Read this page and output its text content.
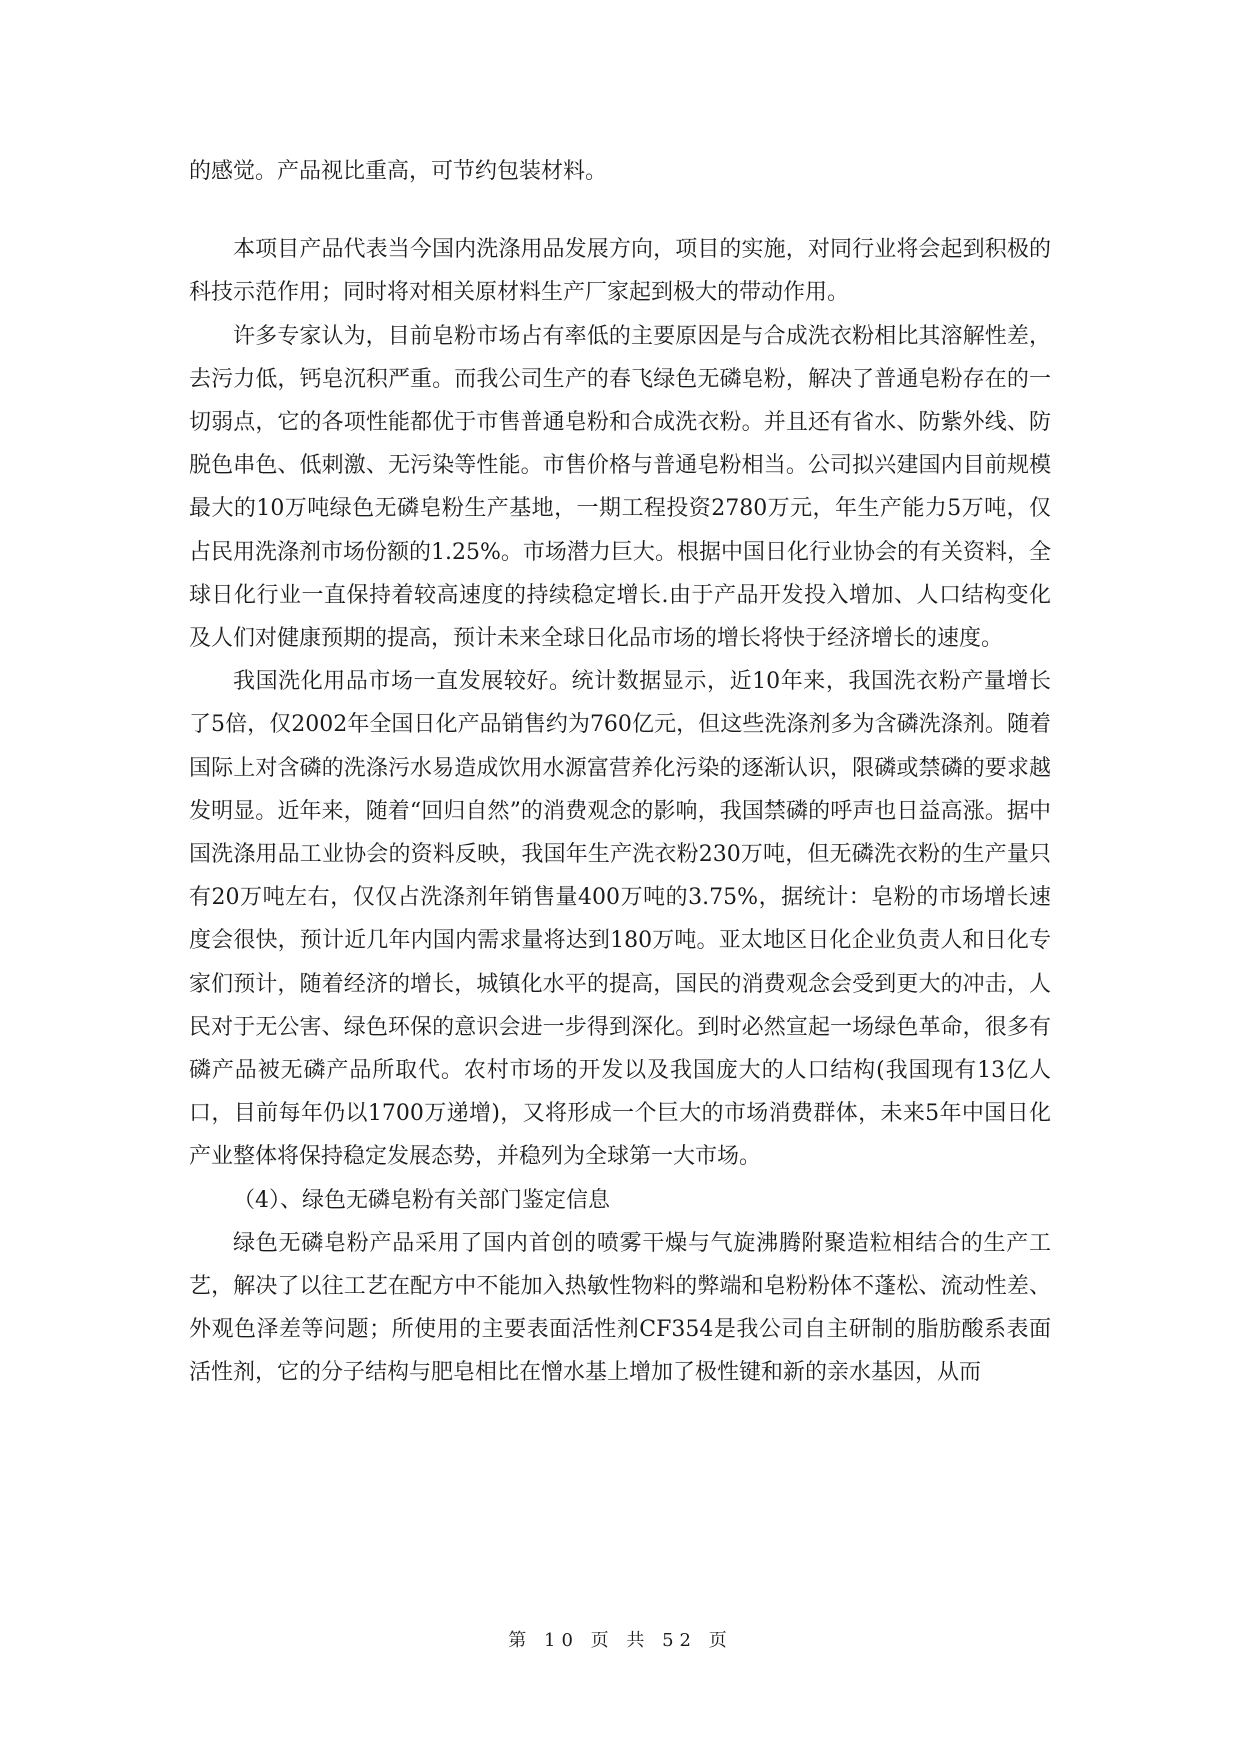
的感觉。产品视比重高，可节约包装材料。

本项目产品代表当今国内洗涤用品发展方向，项目的实施，对同行业将会起到积极的科技示范作用；同时将对相关原材料生产厂家起到极大的带动作用。

许多专家认为，目前皂粉市场占有率低的主要原因是与合成洗衣粉相比其溶解性差，去污力低，钙皂沉积严重。而我公司生产的春飞绿色无磷皂粉，解决了普通皂粉存在的一切弱点，它的各项性能都优于市售普通皂粉和合成洗衣粉。并且还有省水、防紫外线、防脱色串色、低刺激、无污染等性能。市售价格与普通皂粉相当。公司拟兴建国内目前规模最大的10万吨绿色无磷皂粉生产基地，一期工程投资2780万元，年生产能力5万吨，仅占民用洗涤剂市场份额的1.25%。市场潜力巨大。根据中国日化行业协会的有关资料，全球日化行业一直保持着较高速度的持续稳定增长.由于产品开发投入增加、人口结构变化及人们对健康预期的提高，预计未来全球日化品市场的增长将快于经济增长的速度。

我国洗化用品市场一直发展较好。统计数据显示，近10年来，我国洗衣粉产量增长了5倍，仅2002年全国日化产品销售约为760亿元，但这些洗涤剂多为含磷洗涤剂。随着国际上对含磷的洗涤污水易造成饮用水源富营养化污染的逐渐认识，限磷或禁磷的要求越发明显。近年来，随着“回归自然”的消费观念的影响，我国禁磷的呼声也日益高涨。据中国洗涤用品工业协会的资料反映，我国年生产洗衣粉230万吨，但无磷洗衣粉的生产量只有20万吨左右，仅仅占洗涤剂年销售量400万吨的3.75%，据统计：皂粉的市场增长速度会很快，预计近几年内国内需求量将达到180万吨。亚太地区日化企业负责人和日化专家们预计，随着经济的增长，城镇化水平的提高，国民的消费观念会受到更大的冲击，人民对于无公害、绿色环保的意识会进一步得到深化。到时必然宣起一场绿色革命，很多有磷产品被无磷产品所取代。农村市场的开发以及我国庞大的人口结构(我国现有13亿人口，目前每年仍以1700万递增)，又将形成一个巨大的市场消费群体，未来5年中国日化产业整体将保持稳定发展态势，并稳列为全球第一大市场。

（4）、绿色无磷皂粉有关部门鉴定信息

绿色无磷皂粉产品采用了国内首创的喷雾干燥与气旋沸腾附聚造粒相结合的生产工艺，解决了以往工艺在配方中不能加入热敏性物料的弊端和皂粉粉体不蓬松、流动性差、外观色泽差等问题；所使用的主要表面活性剂CF354是我公司自主研制的脂肪酸系表面活性剂，它的分子结构与肥皂相比在憎水基上增加了极性键和新的亲水基因，从而

第 10 页 共 52 页
